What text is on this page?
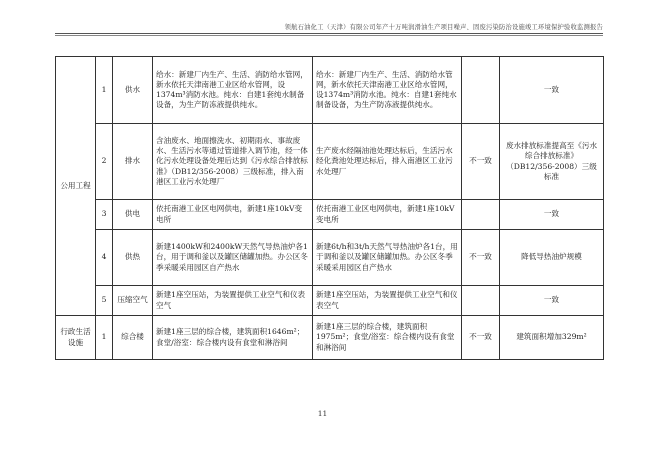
领航石油化工（天津）有限公司年产十万吨润滑油生产项目噪声、固废污染防治设施竣工环境保护验收监测报告
公用工程	1	供水	给水：新建厂内生产、生活、消防给水管网，新水依托天津南港工业区给水管网，设1374m³消防水池。纯水：自建1套纯水制备设备，为生产防冻液提供纯水。	给水：新建厂内生产、生活、消防给水管网，新水依托天津南港工业区给水管网，设1374m³消防水池。纯水：自建1套纯水制备设备，为生产防冻液提供纯水。		一致
	2	排水	含油废水、地面擦洗水、初期雨水、事故废水、生活污水等通过管道排入调节池，经一体化污水处理设备处理后达到《污水综合排放标准》（DB12/356-2008）三级标准，排入南港区工业污水处理厂	生产废水经隔油池处理达标后，生活污水经化粪池处理达标后，排入南港区工业污水处理厂	不一致	废水排放标准提高至《污水综合排放标准》（DB12/356-2008）三级标准
	3	供电	依托南港工业区电网供电，新建1座10kV变电所	依托南港工业区电网供电，新建1座10kV变电所		一致
	4	供热	新建1400kW和2400kW天然气导热油炉各1台，用于调和釜以及罐区储罐加热。办公区冬季采暖采用园区自产热水	新建6t/h和3t/h天然气导热油炉各1台，用于调和釜以及罐区储罐加热。办公区冬季采暖采用园区自产热水	不一致	降低导热油炉规模
	5	压缩空气	新建1座空压站，为装置提供工业空气和仪表空气	新建1座空压站，为装置提供工业空气和仪表空气		一致
行政生活设施	1	综合楼	新建1座三层的综合楼，建筑面积1646m²；食堂/浴室：综合楼内设有食堂和淋浴间	新建1座三层的综合楼，建筑面积1975m²；食堂/浴室：综合楼内设有食堂和淋浴间	不一致	建筑面积增加329m²
11
